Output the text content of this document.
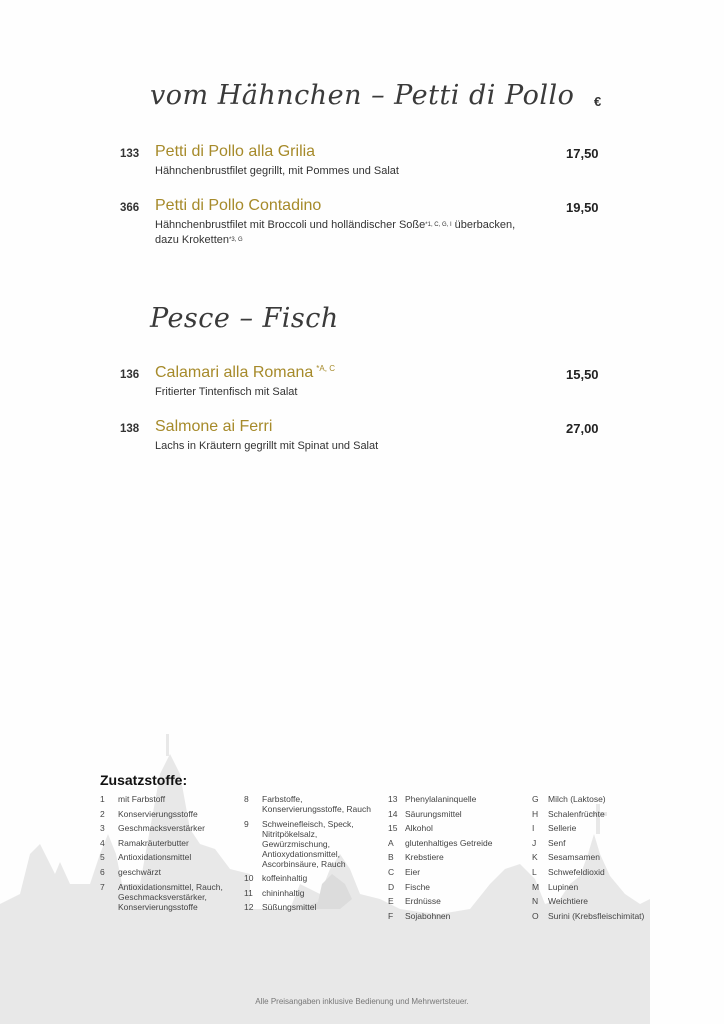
vom Hähnchen – Petti di Pollo €
133 Petti di Pollo alla Grilia	17,50
Hähnchenbrustfilet gegrillt, mit Pommes und Salat
366 Petti di Pollo Contadino	19,50
Hähnchenbrustfilet mit Broccoli und holländischer Soße$^{*1, C, G, I}$ überbacken, dazu Kroketten$^{*3, G}$
Pesce – Fisch
136 Calamari alla Romana $^{*A, C}$	15,50
Fritierter Tintenfisch mit Salat
138 Salmone ai Ferri	27,00
Lachs in Kräutern gegrillt mit Spinat und Salat
Zusatzstoffe:
1 mit Farbstoff
2 Konservierungsstoffe
3 Geschmacksverstärker
4 Ramakräuterbutter
5 Antioxidationsmittel
6 geschwärzt
7 Antioxidationsmittel, Rauch, Geschmacksverstärker, Konservierungsstoffe
8 Farbstoffe, Konservierungsstoffe, Rauch
9 Schweinefleisch, Speck, Nitritpökelsalz, Gewürzmischung, Antioxydationsmittel, Ascorbinsäure, Rauch
10 koffeinhaltig
11 chininhaltig
12 Süßungsmittel
13 Phenylalaninquelle
14 Säurungsmittel
15 Alkohol
A glutenhaltiges Getreide
B Krebstiere
C Eier
D Fische
E Erdnüsse
F Sojabohnen
G Milch (Laktose)
H Schalenfrüchte
I Sellerie
J Senf
K Sesamsamen
L Schwefeldioxid
M Lupinen
N Weichtiere
O Surini (Krebsfleischimitat)
Alle Preisangaben inklusive Bedienung und Mehrwertsteuer.
